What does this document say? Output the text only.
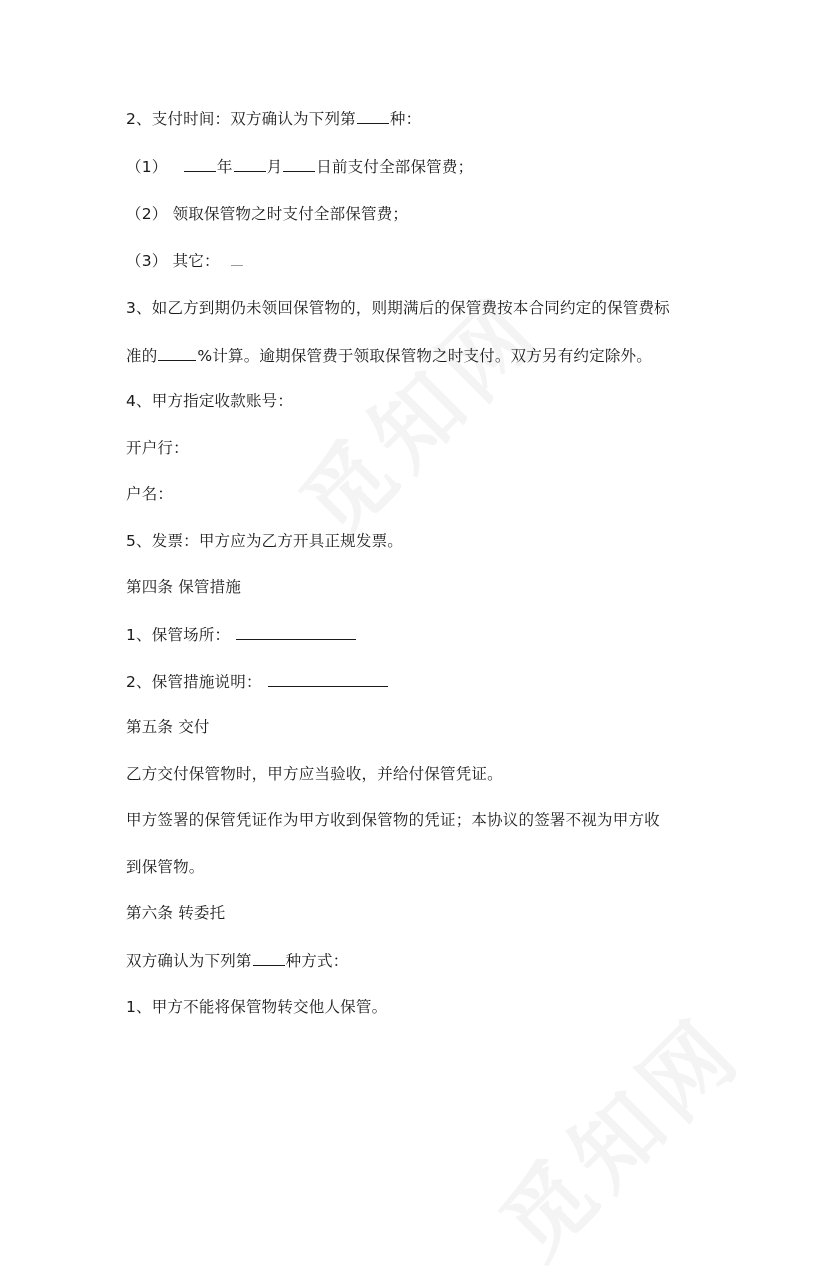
2、支付时间：双方确认为下列第 种：
（1）	年 月 日前支付全部保管费；
（2） 领取保管物之时支付全部保管费；
（3） 其它：
3、如乙方到期仍未领回保管物的，则期满后的保管费按本合同约定的保管费标
准的	%计算。逾期保管费于领取保管物之时支付。双方另有约定除外。
4、甲方指定收款账号：
开户行：
户名：
5、发票：甲方应为乙方开具正规发票。
第四条 保管措施
1、保管场所：
2、保管措施说明：
第五条 交付
乙方交付保管物时，甲方应当验收，并给付保管凭证。
甲方签署的保管凭证作为甲方收到保管物的凭证；本协议的签署不视为甲方收
到保管物。
第六条 转委托
双方确认为下列第 种方式：
1、甲方不能将保管物转交他人保管。
